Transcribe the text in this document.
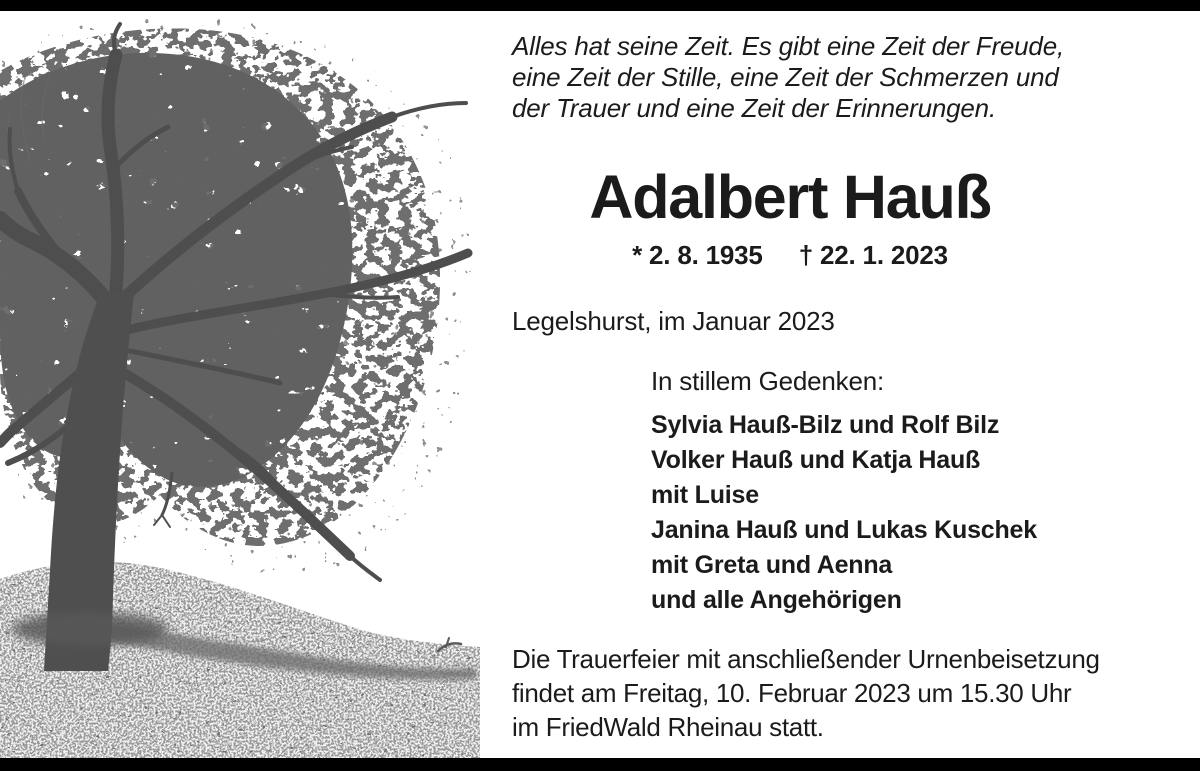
Alles hat seine Zeit. Es gibt eine Zeit der Freude,
eine Zeit der Stille, eine Zeit der Schmerzen und
der Trauer und eine Zeit der Erinnerungen.
Adalbert Hauß
* 2. 8. 1935 † 22. 1. 2023
Legelshurst, im Januar 2023
In stillem Gedenken:
Sylvia Hauß-Bilz und Rolf Bilz
Volker Hauß und Katja Hauß
mit Luise
Janina Hauß und Lukas Kuschek
mit Greta und Aenna
und alle Angehörigen
Die Trauerfeier mit anschließender Urnenbeisetzung
findet am Freitag, 10. Februar 2023 um 15.30 Uhr
im FriedWald Rheinau statt.
